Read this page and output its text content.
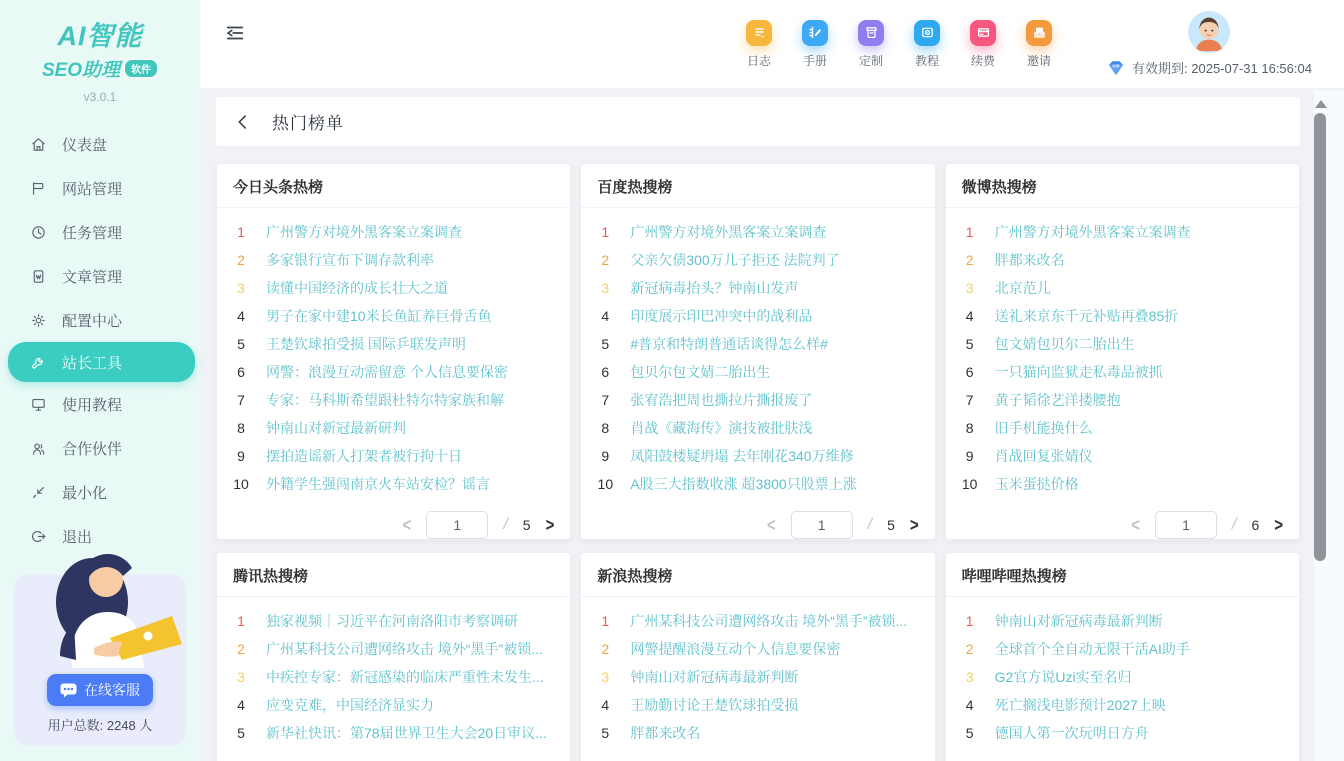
AI智能
SEO助理	软件
v3.0.1
仪表盘
网站管理
任务管理
文章管理
配置中心
站长工具
使用教程
合作伙伴
最小化
退出
在线客服
用户总数: 2248 人
日志	手册	定制	教程	续费	邀请	VIP 有效期到: 2025-07-31 16:56:04
热门榜单
今日头条热榜
1	广州警方对境外黑客案立案调查
2	多家银行宣布下调存款利率
3	读懂中国经济的成长壮大之道
4	男子在家中建10米长鱼缸养巨骨舌鱼
5	王楚钦球拍受损 国际乒联发声明
6	网警：浪漫互动需留意 个人信息要保密
7	专家：马科斯希望跟杜特尔特家族和解
8	钟南山对新冠最新研判
9	摆拍造谣新人打架者被行拘十日
10	外籍学生强闯南京火车站安检？谣言
<	1	/ 5 >
百度热搜榜
1	广州警方对境外黑客案立案调查
2	父亲欠债300万儿子拒还 法院判了
3	新冠病毒抬头？钟南山发声
4	印度展示印巴冲突中的战利品
5	#普京和特朗普通话谈得怎么样#
6	包贝尔包文婧二胎出生
7	张宥浩把周也撕拉片撕报废了
8	肖战《藏海传》演技被批肤浅
9	凤阳鼓楼疑坍塌 去年刚花340万维修
10	A股三大指数收涨 超3800只股票上涨
<	1	/ 5 >
微博热搜榜
1	广州警方对境外黑客案立案调查
2	胖都来改名
3	北京范儿
4	送礼来京东千元补贴再叠85折
5	包文婧包贝尔二胎出生
6	一只猫向监狱走私毒品被抓
7	黄子韬徐艺洋搂腰抱
8	旧手机能换什么
9	肖战回复张婧仪
10	玉米蛋挞价格
<	1	/ 6 >
腾讯热搜榜
1	独家视频｜习近平在河南洛阳市考察调研
2	广州某科技公司遭网络攻击 境外“黑手”被锁...
3	中疾控专家：新冠感染的临床严重性未发生...
4	应变克难，中国经济显实力
5	新华社快讯：第78届世界卫生大会20日审议...
新浪热搜榜
1	广州某科技公司遭网络攻击 境外“黑手”被锁...
2	网警提醒浪漫互动个人信息要保密
3	钟南山对新冠病毒最新判断
4	王励勤讨论王楚钦球拍受损
5	胖都来改名
哔哩哔哩热搜榜
1	钟南山对新冠病毒最新判断
2	全球首个全自动无限干活AI助手
3	G2官方说Uzi实至名归
4	死亡搁浅电影预计2027上映
5	德国人第一次玩明日方舟
